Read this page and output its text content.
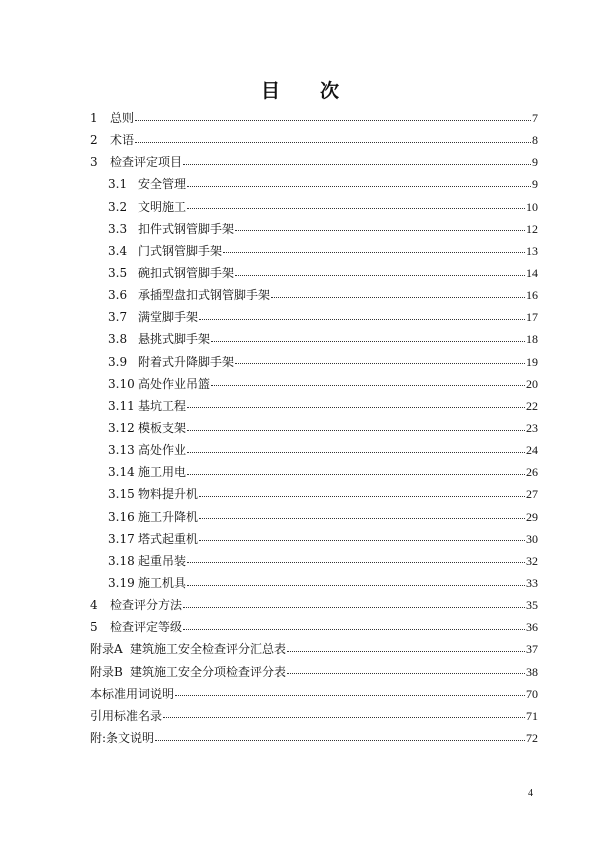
目 次
1	总则	7
2	术语	8
3	检查评定项目	9
3.1 安全管理	9
3.2 文明施工	10
3.3 扣件式钢管脚手架	12
3.4 门式钢管脚手架	13
3.5 碗扣式钢管脚手架	14
3.6 承插型盘扣式钢管脚手架	16
3.7 满堂脚手架	17
3.8 悬挑式脚手架	18
3.9 附着式升降脚手架	19
3.10 高处作业吊篮	20
3.11 基坑工程	22
3.12 模板支架	23
3.13 高处作业	24
3.14 施工用电	26
3.15 物料提升机	27
3.16 施工升降机	29
3.17 塔式起重机	30
3.18 起重吊装	32
3.19 施工机具	33
4	检查评分方法	35
5	检查评定等级	36
附录A 建筑施工安全检查评分汇总表	37
附录B 建筑施工安全分项检查评分表	38
本标准用词说明	70
引用标准名录	71
附:条文说明	72
4
